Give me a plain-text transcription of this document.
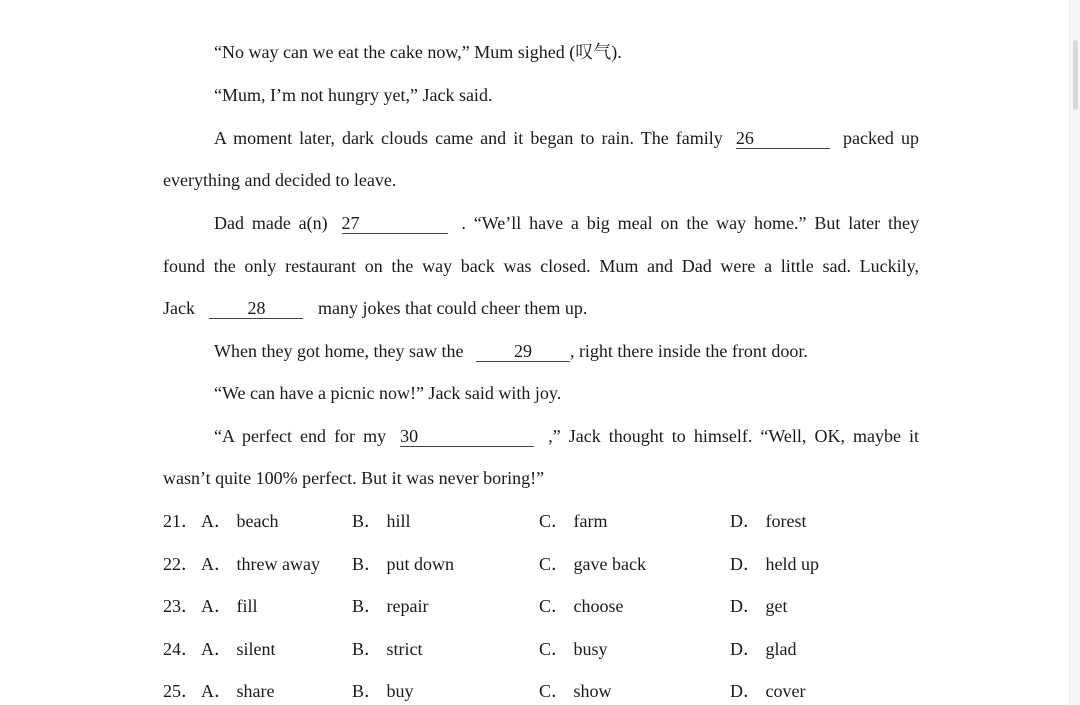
“No way can we eat the cake now,” Mum sighed (叹气).
“Mum, I’m not hungry yet,” Jack said.
A moment later, dark clouds came and it began to rain. The family 26	packed up
everything and decided to leave.
Dad made a(n) 27	. “We’ll have a big meal on the way home.” But later they
found the only restaurant on the way back was closed. Mum and Dad were a little sad. Luckily,
Jack	28	many jokes that could cheer them up.
When they got home, they saw the	29 , right there inside the front door.
“We can have a picnic now!” Jack said with joy.
“A perfect end for my 30	,” Jack thought to himself. “Well, OK, maybe it
wasn’t quite 100% perfect. But it was never boring!”
21． A． beach	B． hill	C． farm	D． forest
22． A． threw away B． put down	C． gave back	D． held up
23． A． fill	B． repair	C． choose	D． get
24． A． silent	B． strict	C． busy	D． glad
25． A． share	B． buy	C． show	D． cover
